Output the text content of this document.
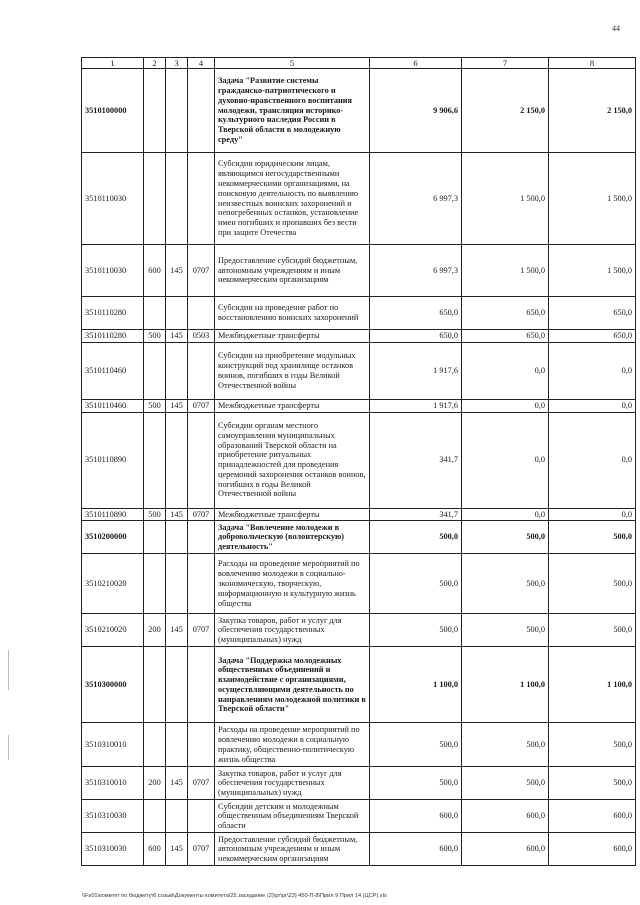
44
1	2	3	4	5	6	7	8
3510100000				Задача "Развитие системы гражданско-патриотического и духовно-нравственного воспитания молодежи, трансляция историко-культурного наследия России в Тверской области в молодежную среду"	9 906,6	2 150,0	2 150,0
3510110030				Субсидии юридическим лицам, являющимся негосударственными некоммерческими организациями, на поисковую деятельность по выявлению неизвестных воинских захоронений и непогребенных останков, установление имен погибших и пропавших без вести при защите Отечества	6 997,3	1 500,0	1 500,0
3510110030	600	145	0707	Предоставление субсидий бюджетным, автономным учреждениям и иным некоммерческим организациям	6 997,3	1 500,0	1 500,0
3510110280				Субсидии на проведение работ по восстановлению воинских захоронений	650,0	650,0	650,0
3510110280	500	145	0503	Межбюджетные трансферты	650,0	650,0	650,0
3510110460				Субсидии на приобретение модульных конструкций под хранилище останков воинов, погибших в годы Великой Отечественной войны	1 917,6	0,0	0,0
3510110460	500	145	0707	Межбюджетные трансферты	1 917,6	0,0	0,0
3510110890				Субсидии органам местного самоуправления муниципальных образований Тверской области на приобретение ритуальных принадлежностей для проведения церемоний захоронения останков воинов, погибших в годы Великой Отечественной войны	341,7	0,0	0,0
3510110890	500	145	0707	Межбюджетные трансферты	341,7	0,0	0,0
3510200000				Задача "Вовлечение молодежи в добровольческую (волонтерскую) деятельность"	500,0	500,0	500,0
3510210020				Расходы на проведение мероприятий по вовлечению молодежи в социально-экономическую, творческую, информационную и культурную жизнь общества	500,0	500,0	500,0
3510210020	200	145	0707	Закупка товаров, работ и услуг для обеспечения государственных (муниципальных) нужд	500,0	500,0	500,0
3510300000				Задача "Поддержка молодежных общественных объединений и взаимодействие с организациями, осуществляющими деятельность по направлениям молодежной политики в Тверской области"	1 100,0	1 100,0	1 100,0
3510310010				Расходы на проведение мероприятий по вовлечению молодежи в социальную практику, общественно-политическую жизнь общества	500,0	500,0	500,0
3510310010	200	145	0707	Закупка товаров, работ и услуг для обеспечения государственных (муниципальных) нужд	500,0	500,0	500,0
3510310030				Субсидии детским и молодежным общественным объединениям Тверской области	600,0	600,0	600,0
3510310030	600	145	0707	Предоставление субсидий бюджетным, автономным учреждениям и иным некоммерческим организациям	600,0	600,0	600,0
\\Fs01\комитет по бюджету\6 созыв\Документы комитета\25 заседание (2)\рг\рг\23) 450-П-8\Прил 9 Прил 14 (ЦСР).xls
